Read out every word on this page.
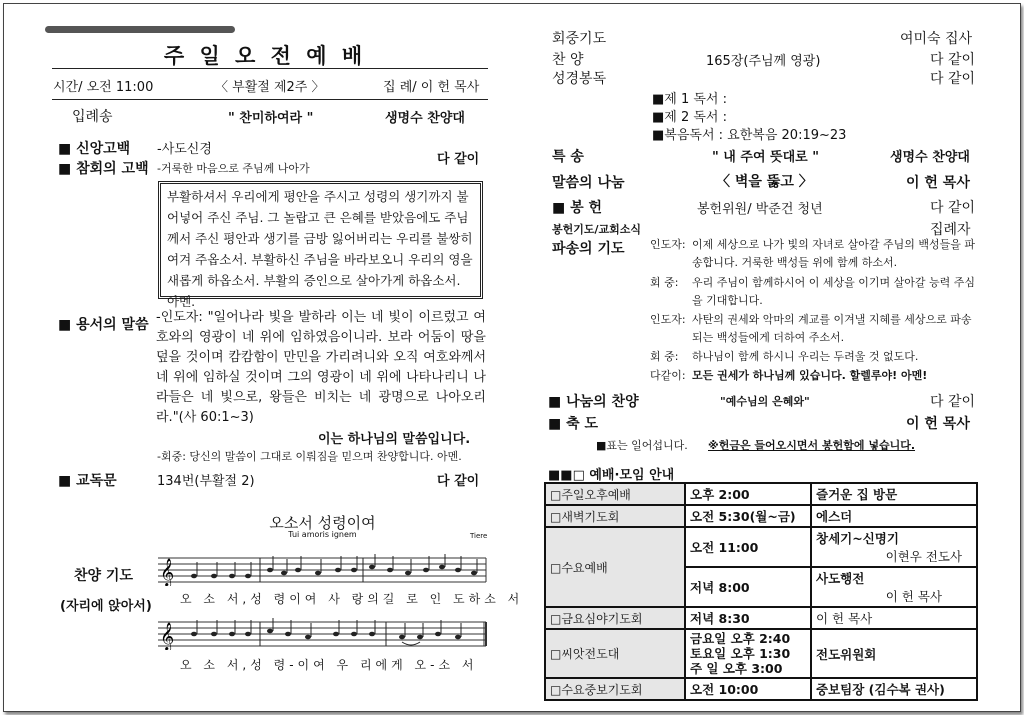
주 일 오 전 예 배
시간/ 오전 11:00	〈 부활절 제2주 〉	집 례/ 이 헌 목사
입례송	" 찬미하여라 "	생명수 찬양대
■ 신앙고백 -사도신경
■ 참회의 고백 -거룩한 마음으로 주님께 나아가
다 같이
부활하셔서 우리에게 평안을 주시고 성령의 생기까지 불어넣어 주신 주님. 그 놀랍고 큰 은혜를 받았음에도 주님께서 주신 평안과 생기를 금방 잃어버리는 우리를 불쌍히 여겨 주옵소서. 부활하신 주님을 바라보오니 우리의 영을 새롭게 하옵소서. 부활의 증인으로 살아가게 하옵소서. 아멘.
■ 용서의 말씀 -인도자: "일어나라 빛을 발하라 이는 네 빛이 이르렀고 여호와의 영광이 네 위에 임하였음이니라. 보라 어둠이 땅을 덮을 것이며 캄캄함이 만민을 가리려니와 오직 여호와께서 네 위에 임하실 것이며 그의 영광이 네 위에 나타나리니 나라들은 네 빛으로, 왕들은 비치는 네 광명으로 나아오리라."(사 60:1~3)
이는 하나님의 말씀입니다.
-회중: 당신의 말씀이 그대로 이뤄짐을 믿으며 찬양합니다. 아멘.
■ 교독문	134번(부활절 2)	다 같이
오소서 성령이여
Tui amoris ignem	Tiere
찬양 기도
(자리에 앉아서)
𝄞
오 소 서,성 령이여 사 랑의길 로 인 도하소 서
𝄞
오 소 서,성 령-이여 우 리에게 오-소 서
회중기도	여미숙 집사
찬 양	165장(주님께 영광)	다 같이
성경봉독	다 같이
■제 1 독서 :
■제 2 독서 :
■복음독서 : 요한복음 20:19~23
특 송	" 내 주여 뜻대로 "	생명수 찬양대
말씀의 나눔	〈 벽을 뚫고 〉	이 헌 목사
■ 봉 헌	봉헌위원/ 박준건 청년	다 같이
봉헌기도/교회소식	집례자
파송의 기도 인도자: 이제 세상으로 나가 빛의 자녀로 살아갈 주님의 백성들을 파송합니다. 거룩한 백성들 위에 함께 하소서.
회 중: 우리 주님이 함께하시어 이 세상을 이기며 살아갈 능력 주심을 기대합니다.
인도자: 사탄의 권세와 악마의 계교를 이겨낼 지혜를 세상으로 파송되는 백성들에게 더하여 주소서.
회 중: 하나님이 함께 하시니 우리는 두려울 것 없도다.
다같이: 모든 권세가 하나님께 있습니다. 할렐루야! 아멘!
■ 나눔의 찬양	"예수님의 은혜와"	다 같이
■ 축 도	이 헌 목사
■표는 일어섭니다. ※헌금은 들어오시면서 봉헌함에 넣습니다.
■■□ 예배·모임 안내
□주일오후예배	오후 2:00	즐거운 집 방문
□새벽기도회	오전 5:30(월~금)	에스더
□수요예배	오전 11:00	창세기~신명기
이현우 전도사

	저녁 8:00	사도행전
이 헌 목사

□금요심야기도회	저녁 8:30	이 헌 목사
□씨앗전도대	금요일 오후 2:40
토요일 오후 1:30
주 일 오후 3:00	전도위원회
□수요중보기도회	오전 10:00	중보팀장 (김수복 권사)
